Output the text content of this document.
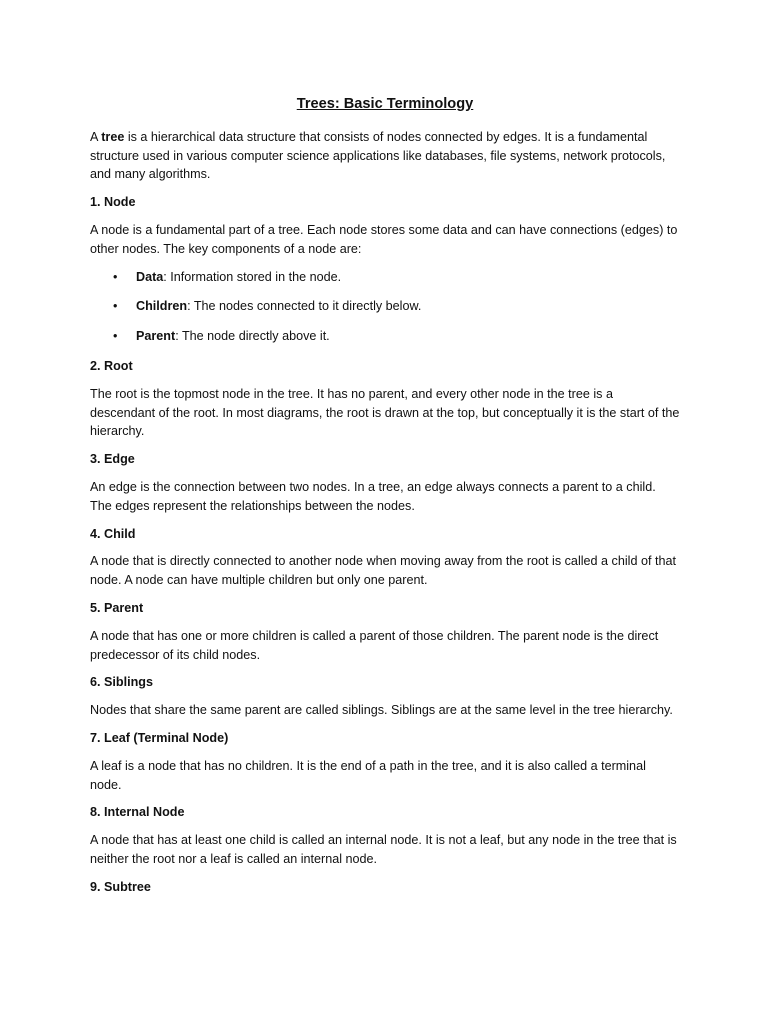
Trees: Basic Terminology

A tree is a hierarchical data structure that consists of nodes connected by edges. It is a fundamental structure used in various computer science applications like databases, file systems, network protocols, and many algorithms.

1. Node

A node is a fundamental part of a tree. Each node stores some data and can have connections (edges) to other nodes. The key components of a node are:

• Data: Information stored in the node.
• Children: The nodes connected to it directly below.
• Parent: The node directly above it.
2. Root

The root is the topmost node in the tree. It has no parent, and every other node in the tree is a descendant of the root. In most diagrams, the root is drawn at the top, but conceptually it is the start of the hierarchy.

3. Edge

An edge is the connection between two nodes. In a tree, an edge always connects a parent to a child. The edges represent the relationships between the nodes.

4. Child

A node that is directly connected to another node when moving away from the root is called a child of that node. A node can have multiple children but only one parent.

5. Parent

A node that has one or more children is called a parent of those children. The parent node is the direct predecessor of its child nodes.

6. Siblings

Nodes that share the same parent are called siblings. Siblings are at the same level in the tree hierarchy.

7. Leaf (Terminal Node)

A leaf is a node that has no children. It is the end of a path in the tree, and it is also called a terminal node.

8. Internal Node

A node that has at least one child is called an internal node. It is not a leaf, but any node in the tree that is neither the root nor a leaf is called an internal node.

9. Subtree
